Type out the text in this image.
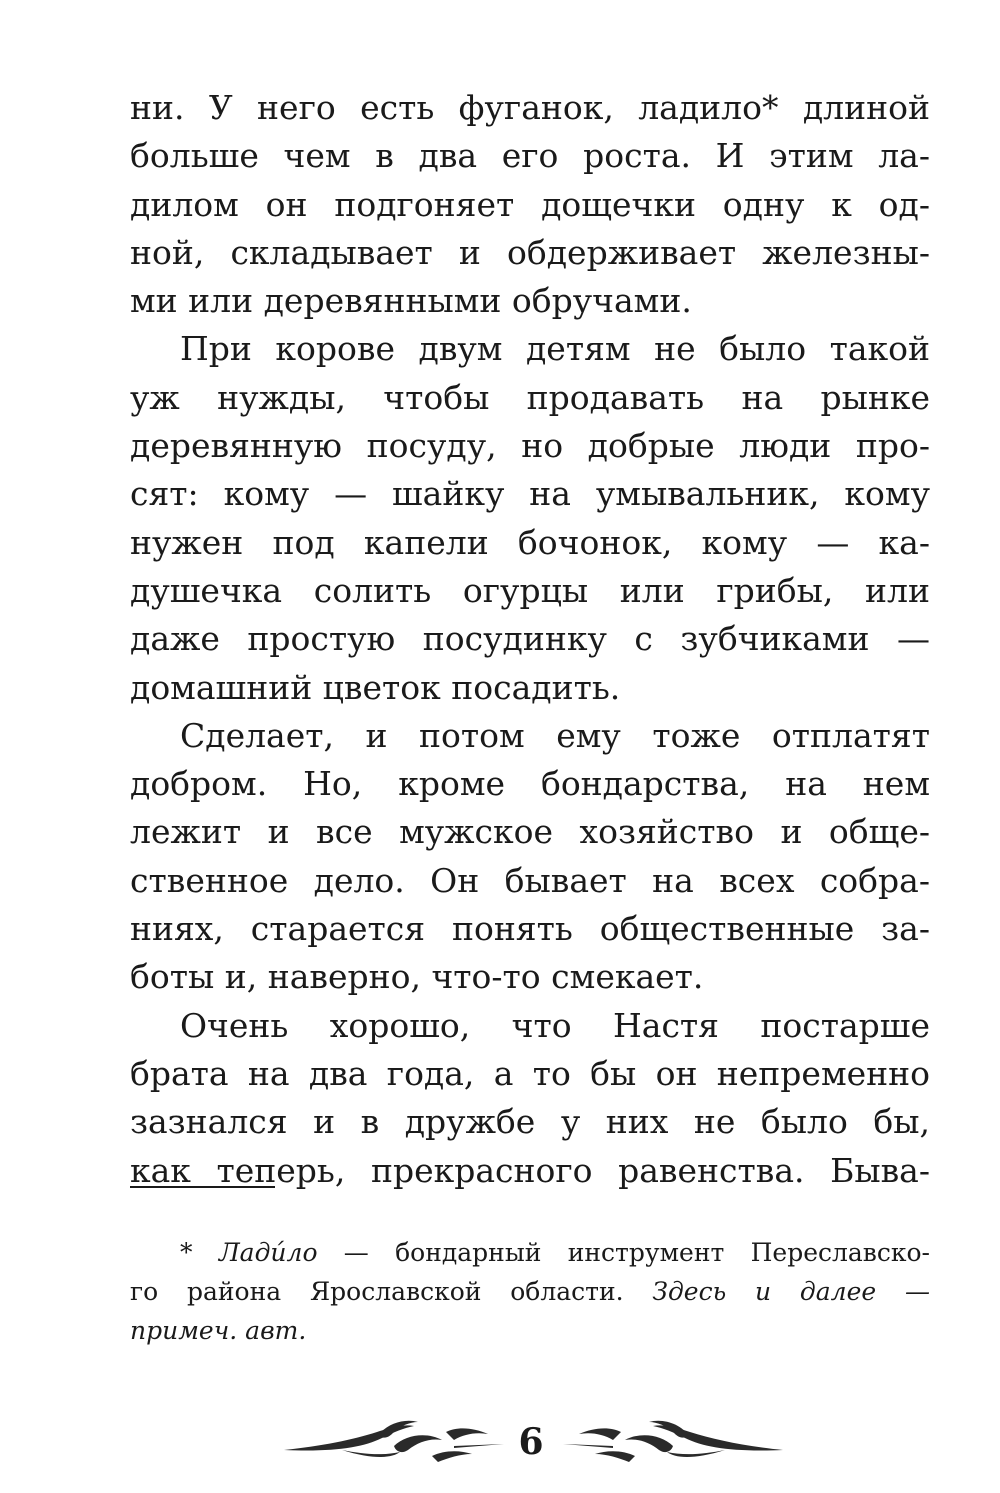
ни. У него есть фуганок, ладило* длиной
больше чем в два его роста. И этим ла-
дилом он подгоняет дощечки одну к од-
ной, складывает и обдерживает железны-
ми или деревянными обручами.
При корове двум детям не было такой
уж нужды, чтобы продавать на рынке
деревянную посуду, но добрые люди про-
сят: кому — шайку на умывальник, кому
нужен под капели бочонок, кому — ка-
душечка солить огурцы или грибы, или
даже простую посудинку с зубчиками —
домашний цветок посадить.
Сделает, и потом ему тоже отплатят
добром. Но, кроме бондарства, на нем
лежит и все мужское хозяйство и обще-
ственное дело. Он бывает на всех собра-
ниях, старается понять общественные за-
боты и, наверно, что-то смекает.
Очень хорошо, что Настя постарше
брата на два года, а то бы он непременно
зазнался и в дружбе у них не было бы,
как теперь, прекрасного равенства. Быва-
* Ладúло — бондарный инструмент Переславско-
го района Ярославской области. Здесь и далее —
примеч. авт.
6
